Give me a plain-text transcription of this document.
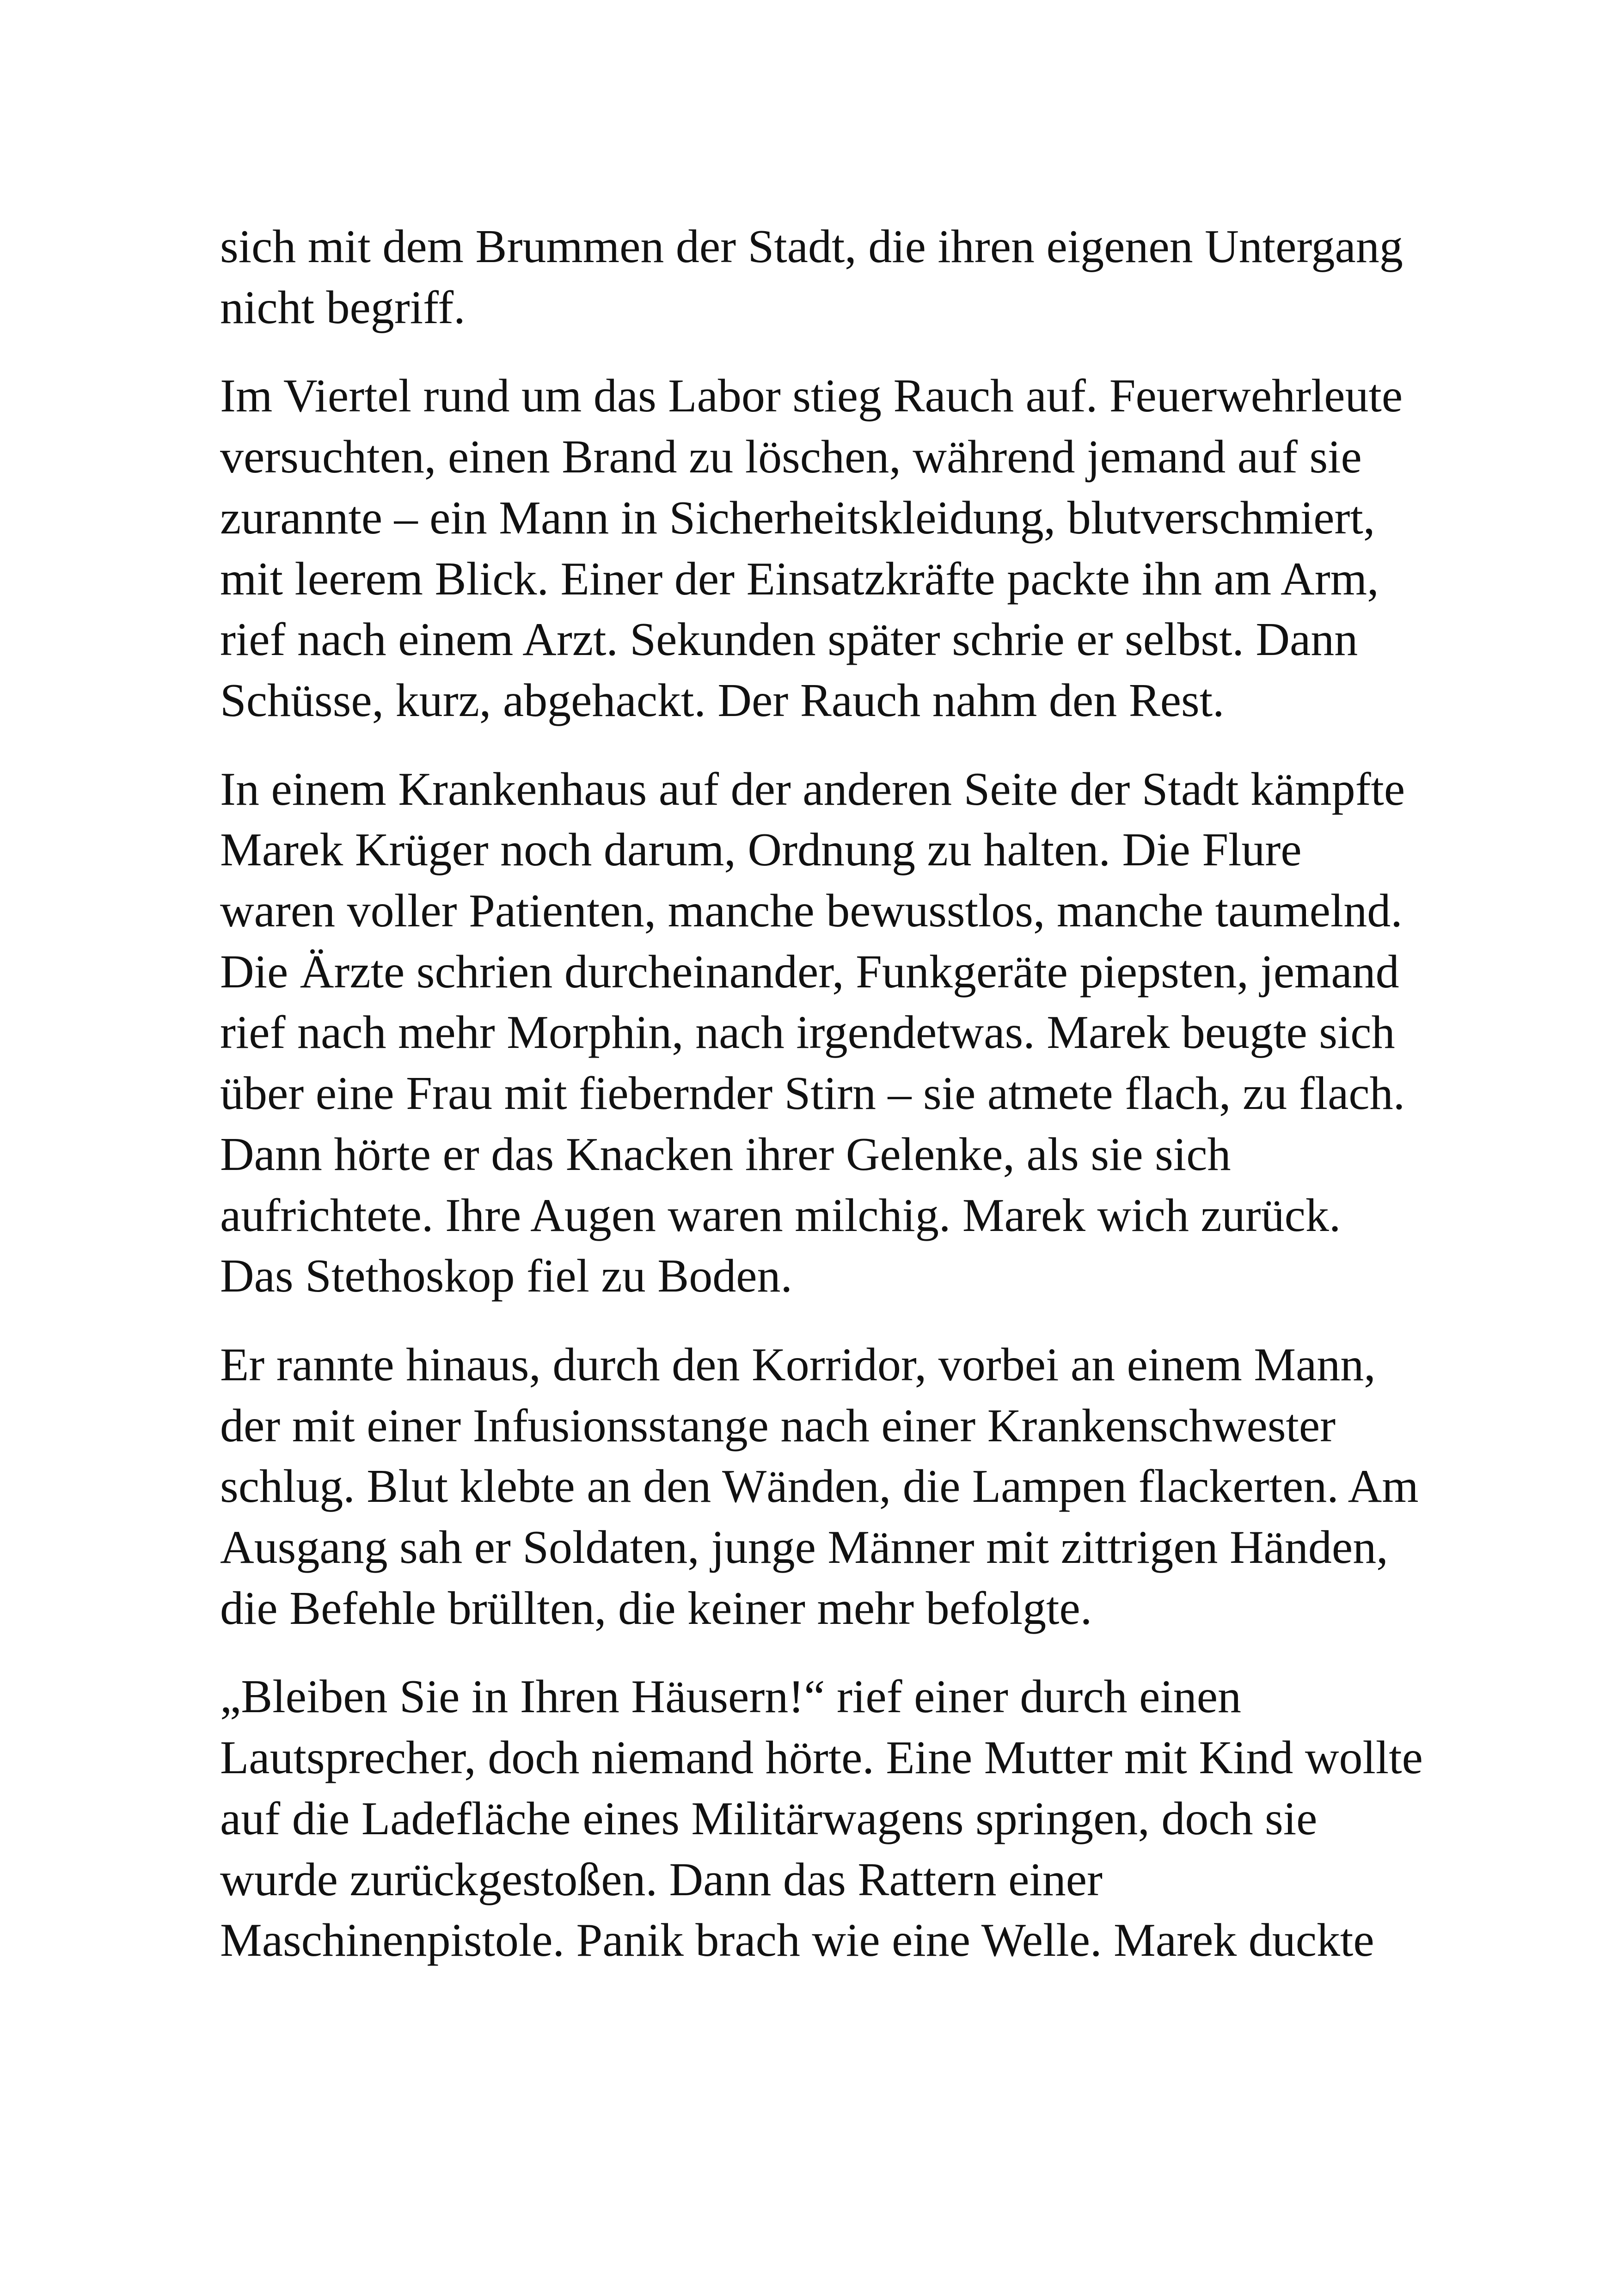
sich mit dem Brummen der Stadt, die ihren eigenen Untergang
nicht begriff.
Im Viertel rund um das Labor stieg Rauch auf. Feuerwehrleute
versuchten, einen Brand zu löschen, während jemand auf sie
zurannte – ein Mann in Sicherheitskleidung, blutverschmiert,
mit leerem Blick. Einer der Einsatzkräfte packte ihn am Arm,
rief nach einem Arzt. Sekunden später schrie er selbst. Dann
Schüsse, kurz, abgehackt. Der Rauch nahm den Rest.
In einem Krankenhaus auf der anderen Seite der Stadt kämpfte
Marek Krüger noch darum, Ordnung zu halten. Die Flure
waren voller Patienten, manche bewusstlos, manche taumelnd.
Die Ärzte schrien durcheinander, Funkgeräte piepsten, jemand
rief nach mehr Morphin, nach irgendetwas. Marek beugte sich
über eine Frau mit fiebernder Stirn – sie atmete flach, zu flach.
Dann hörte er das Knacken ihrer Gelenke, als sie sich
aufrichtete. Ihre Augen waren milchig. Marek wich zurück.
Das Stethoskop fiel zu Boden.
Er rannte hinaus, durch den Korridor, vorbei an einem Mann,
der mit einer Infusionsstange nach einer Krankenschwester
schlug. Blut klebte an den Wänden, die Lampen flackerten. Am
Ausgang sah er Soldaten, junge Männer mit zittrigen Händen,
die Befehle brüllten, die keiner mehr befolgte.
„Bleiben Sie in Ihren Häusern!“ rief einer durch einen
Lautsprecher, doch niemand hörte. Eine Mutter mit Kind wollte
auf die Ladefläche eines Militärwagens springen, doch sie
wurde zurückgestoßen. Dann das Rattern einer
Maschinenpistole. Panik brach wie eine Welle. Marek duckte
